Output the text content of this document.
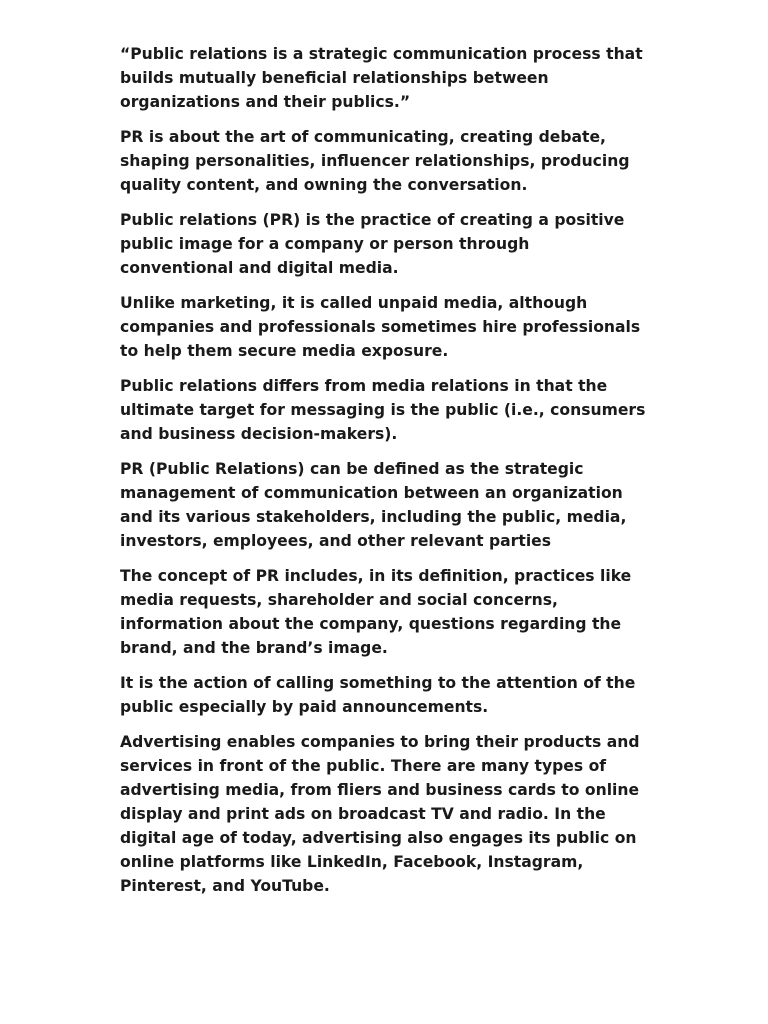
“Public relations is a strategic communication process that builds mutually beneficial relationships between organizations and their publics.”

PR is about the art of communicating, creating debate, shaping personalities, influencer relationships, producing quality content, and owning the conversation.

Public relations (PR) is the practice of creating a positive public image for a company or person through conventional and digital media.

Unlike marketing, it is called unpaid media, although companies and professionals sometimes hire professionals to help them secure media exposure.

Public relations differs from media relations in that the ultimate target for messaging is the public (i.e., consumers and business decision-makers).

PR (Public Relations) can be defined as the strategic management of communication between an organization and its various stakeholders, including the public, media, investors, employees, and other relevant parties

The concept of PR includes, in its definition, practices like media requests, shareholder and social concerns, information about the company, questions regarding the brand, and the brand’s image.

It is the action of calling something to the attention of the public especially by paid announcements.

Advertising enables companies to bring their products and services in front of the public. There are many types of advertising media, from fliers and business cards to online display and print ads on broadcast TV and radio. In the digital age of today, advertising also engages its public on online platforms like LinkedIn, Facebook, Instagram, Pinterest, and YouTube.
